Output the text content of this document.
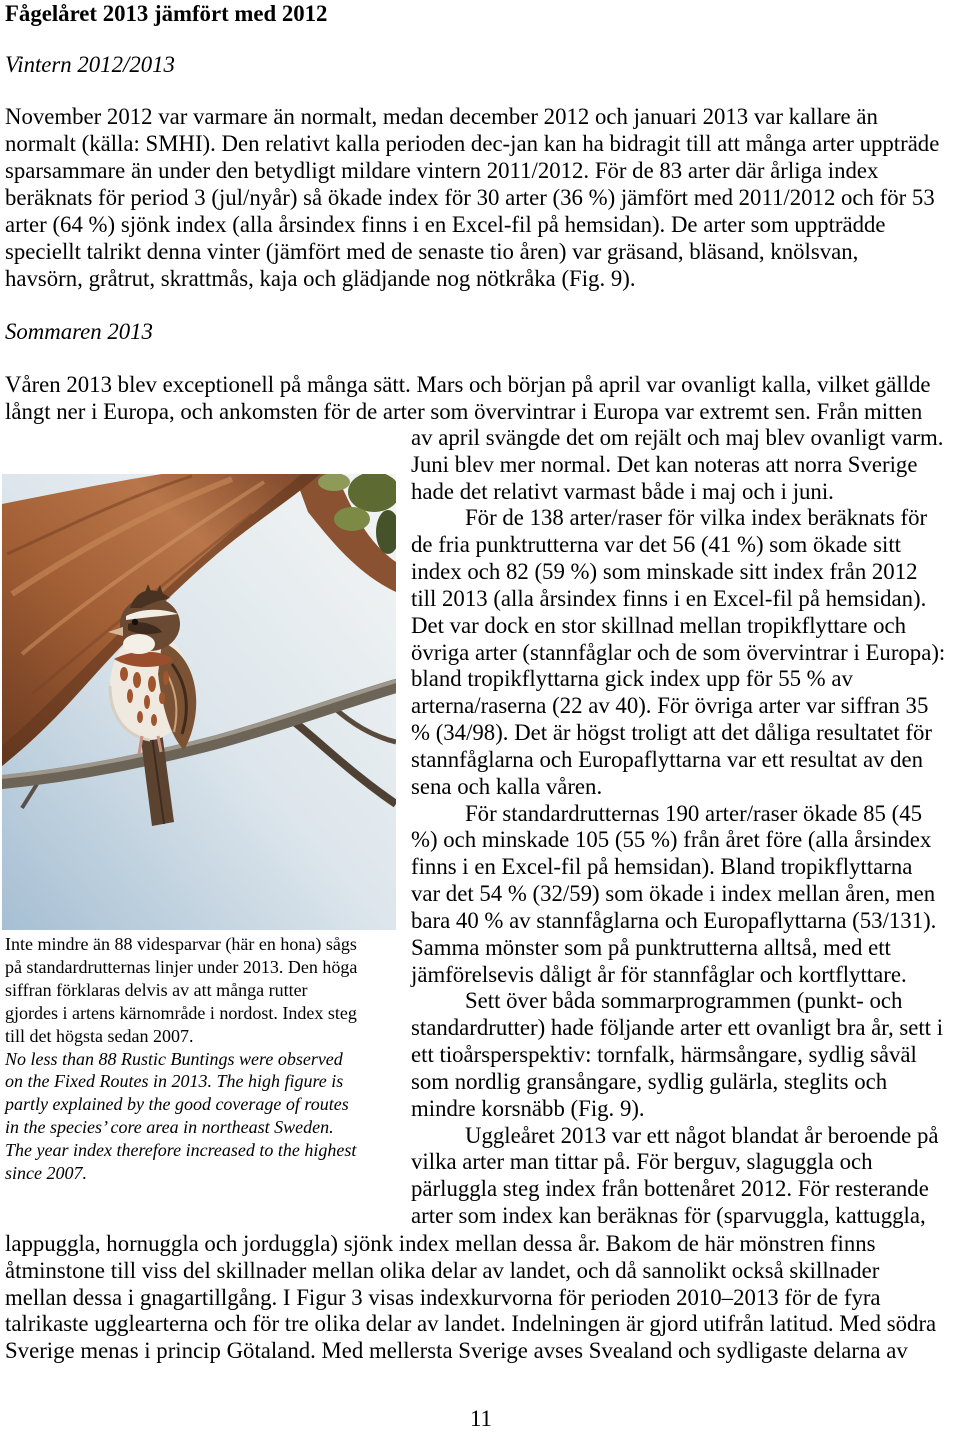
Fågelåret 2013 jämfört med 2012
Vintern 2012/2013
November 2012 var varmare än normalt, medan december 2012 och januari 2013 var kallare än
normalt (källa: SMHI). Den relativt kalla perioden dec-jan kan ha bidragit till att många arter uppträde
sparsammare än under den betydligt mildare vintern 2011/2012. För de 83 arter där årliga index
beräknats för period 3 (jul/nyår) så ökade index för 30 arter (36 %) jämfört med 2011/2012 och för 53
arter (64 %) sjönk index (alla årsindex finns i en Excel-fil på hemsidan). De arter som uppträdde
speciellt talrikt denna vinter (jämfört med de senaste tio åren) var gräsand, bläsand, knölsvan,
havsörn, gråtrut, skrattmås, kaja och glädjande nog nötkråka (Fig. 9).
Sommaren 2013
Våren 2013 blev exceptionell på många sätt. Mars och början på april var ovanligt kalla, vilket gällde
långt ner i Europa, och ankomsten för de arter som övervintrar i Europa var extremt sen. Från mitten
av april svängde det om rejält och maj blev ovanligt varm.
Juni blev mer normal. Det kan noteras att norra Sverige
hade det relativt varmast både i maj och i juni.
För de 138 arter/raser för vilka index beräknats för
de fria punktrutterna var det 56 (41 %) som ökade sitt
index och 82 (59 %) som minskade sitt index från 2012
till 2013 (alla årsindex finns i en Excel-fil på hemsidan).
Det var dock en stor skillnad mellan tropikflyttare och
övriga arter (stannfåglar och de som övervintrar i Europa):
bland tropikflyttarna gick index upp för 55 % av
arterna/raserna (22 av 40). För övriga arter var siffran 35
% (34/98). Det är högst troligt att det dåliga resultatet för
stannfåglarna och Europaflyttarna var ett resultat av den
sena och kalla våren.
För standardrutternas 190 arter/raser ökade 85 (45
%) och minskade 105 (55 %) från året före (alla årsindex
finns i en Excel-fil på hemsidan). Bland tropikflyttarna
var det 54 % (32/59) som ökade i index mellan åren, men
bara 40 % av stannfåglarna och Europaflyttarna (53/131).
Samma mönster som på punktrutterna alltså, med ett
jämförelsevis dåligt år för stannfåglar och kortflyttare.
Sett över båda sommarprogrammen (punkt- och
standardrutter) hade följande arter ett ovanligt bra år, sett i
ett tioårsperspektiv: tornfalk, härmsångare, sydlig såväl
som nordlig gransångare, sydlig gulärla, steglits och
mindre korsnäbb (Fig. 9).
Uggleåret 2013 var ett något blandat år beroende på
vilka arter man tittar på. För berguv, slaguggla och
pärluggla steg index från bottenåret 2012. För resterande
arter som index kan beräknas för (sparvuggla, kattuggla,
lappuggla, hornuggla och jorduggla) sjönk index mellan dessa år. Bakom de här mönstren finns
åtminstone till viss del skillnader mellan olika delar av landet, och då sannolikt också skillnader
mellan dessa i gnagartillgång. I Figur 3 visas indexkurvorna för perioden 2010–2013 för de fyra
talrikaste ugglearterna och för tre olika delar av landet. Indelningen är gjord utifrån latitud. Med södra
Sverige menas i princip Götaland. Med mellersta Sverige avses Svealand och sydligaste delarna av
Inte mindre än 88 videsparvar (här en hona) sågs
på standardrutternas linjer under 2013. Den höga
siffran förklaras delvis av att många rutter
gjordes i artens kärnområde i nordost. Index steg
till det högsta sedan 2007.
No less than 88 Rustic Buntings were observed
on the Fixed Routes in 2013. The high figure is
partly explained by the good coverage of routes
in the species’ core area in northeast Sweden.
The year index therefore increased to the highest
since 2007.
11
